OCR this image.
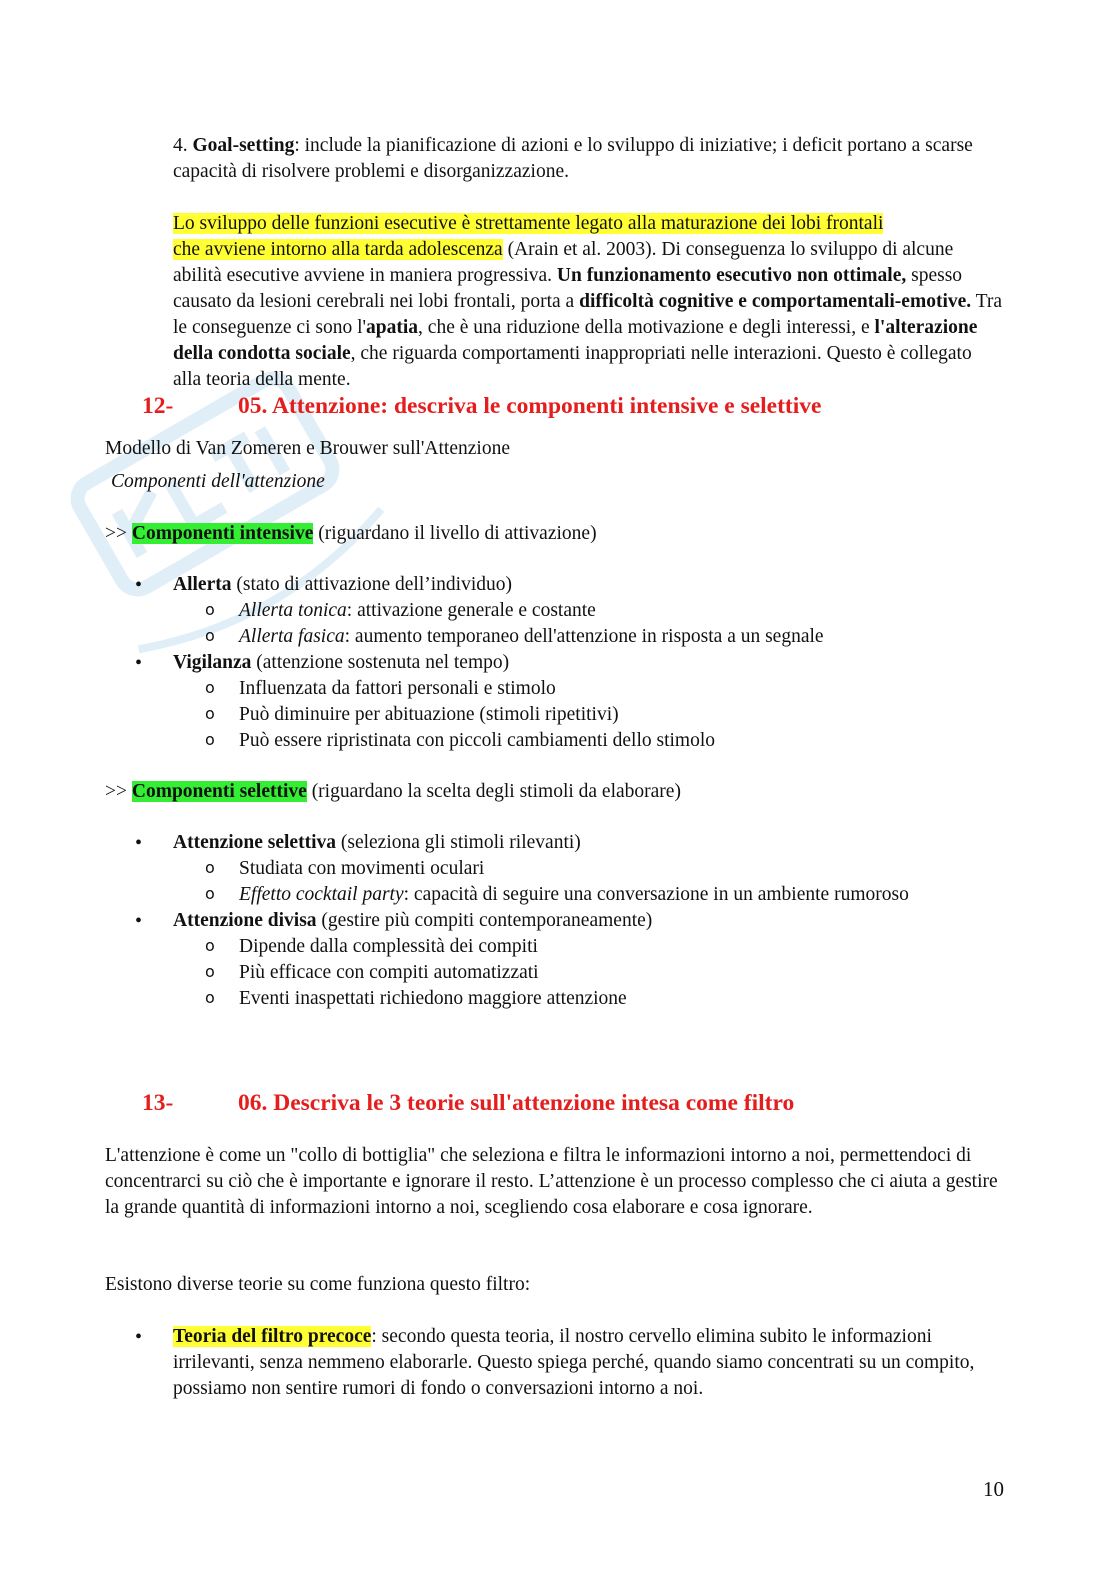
4. Goal-setting: include la pianificazione di azioni e lo sviluppo di iniziative; i deficit portano a scarse capacità di risolvere problemi e disorganizzazione.
Lo sviluppo delle funzioni esecutive è strettamente legato alla maturazione dei lobi frontali
che avviene intorno alla tarda adolescenza (Arain et al. 2003). Di conseguenza lo sviluppo di alcune abilità esecutive avviene in maniera progressiva. Un funzionamento esecutivo non ottimale, spesso causato da lesioni cerebrali nei lobi frontali, porta a difficoltà cognitive e comportamentali-emotive. Tra le conseguenze ci sono l'apatia, che è una riduzione della motivazione e degli interessi, e l'alterazione della condotta sociale, che riguarda comportamenti inappropriati nelle interazioni. Questo è collegato alla teoria della mente.
12-	05. Attenzione: descriva le componenti intensive e selettive
Modello di Van Zomeren e Brouwer sull'Attenzione
Componenti dell'attenzione
>> Componenti intensive (riguardano il livello di attivazione)
• Allerta (stato di attivazione dell’individuo)
o Allerta tonica: attivazione generale e costante
o Allerta fasica: aumento temporaneo dell'attenzione in risposta a un segnale
• Vigilanza (attenzione sostenuta nel tempo)
o Influenzata da fattori personali e stimolo
o Può diminuire per abituazione (stimoli ripetitivi)
o Può essere ripristinata con piccoli cambiamenti dello stimolo
>> Componenti selettive (riguardano la scelta degli stimoli da elaborare)
• Attenzione selettiva (seleziona gli stimoli rilevanti)
o Studiata con movimenti oculari
o Effetto cocktail party: capacità di seguire una conversazione in un ambiente rumoroso
• Attenzione divisa (gestire più compiti contemporaneamente)
o Dipende dalla complessità dei compiti
o Più efficace con compiti automatizzati
o Eventi inaspettati richiedono maggiore attenzione
13-	06. Descriva le 3 teorie sull'attenzione intesa come filtro
L'attenzione è come un "collo di bottiglia" che seleziona e filtra le informazioni intorno a noi, permettendoci di concentrarci su ciò che è importante e ignorare il resto. L’attenzione è un processo complesso che ci aiuta a gestire la grande quantità di informazioni intorno a noi, scegliendo cosa elaborare e cosa ignorare.
Esistono diverse teorie su come funziona questo filtro:
• Teoria del filtro precoce: secondo questa teoria, il nostro cervello elimina subito le informazioni irrilevanti, senza nemmeno elaborarle. Questo spiega perché, quando siamo concentrati su un compito, possiamo non sentire rumori di fondo o conversazioni intorno a noi.
10
